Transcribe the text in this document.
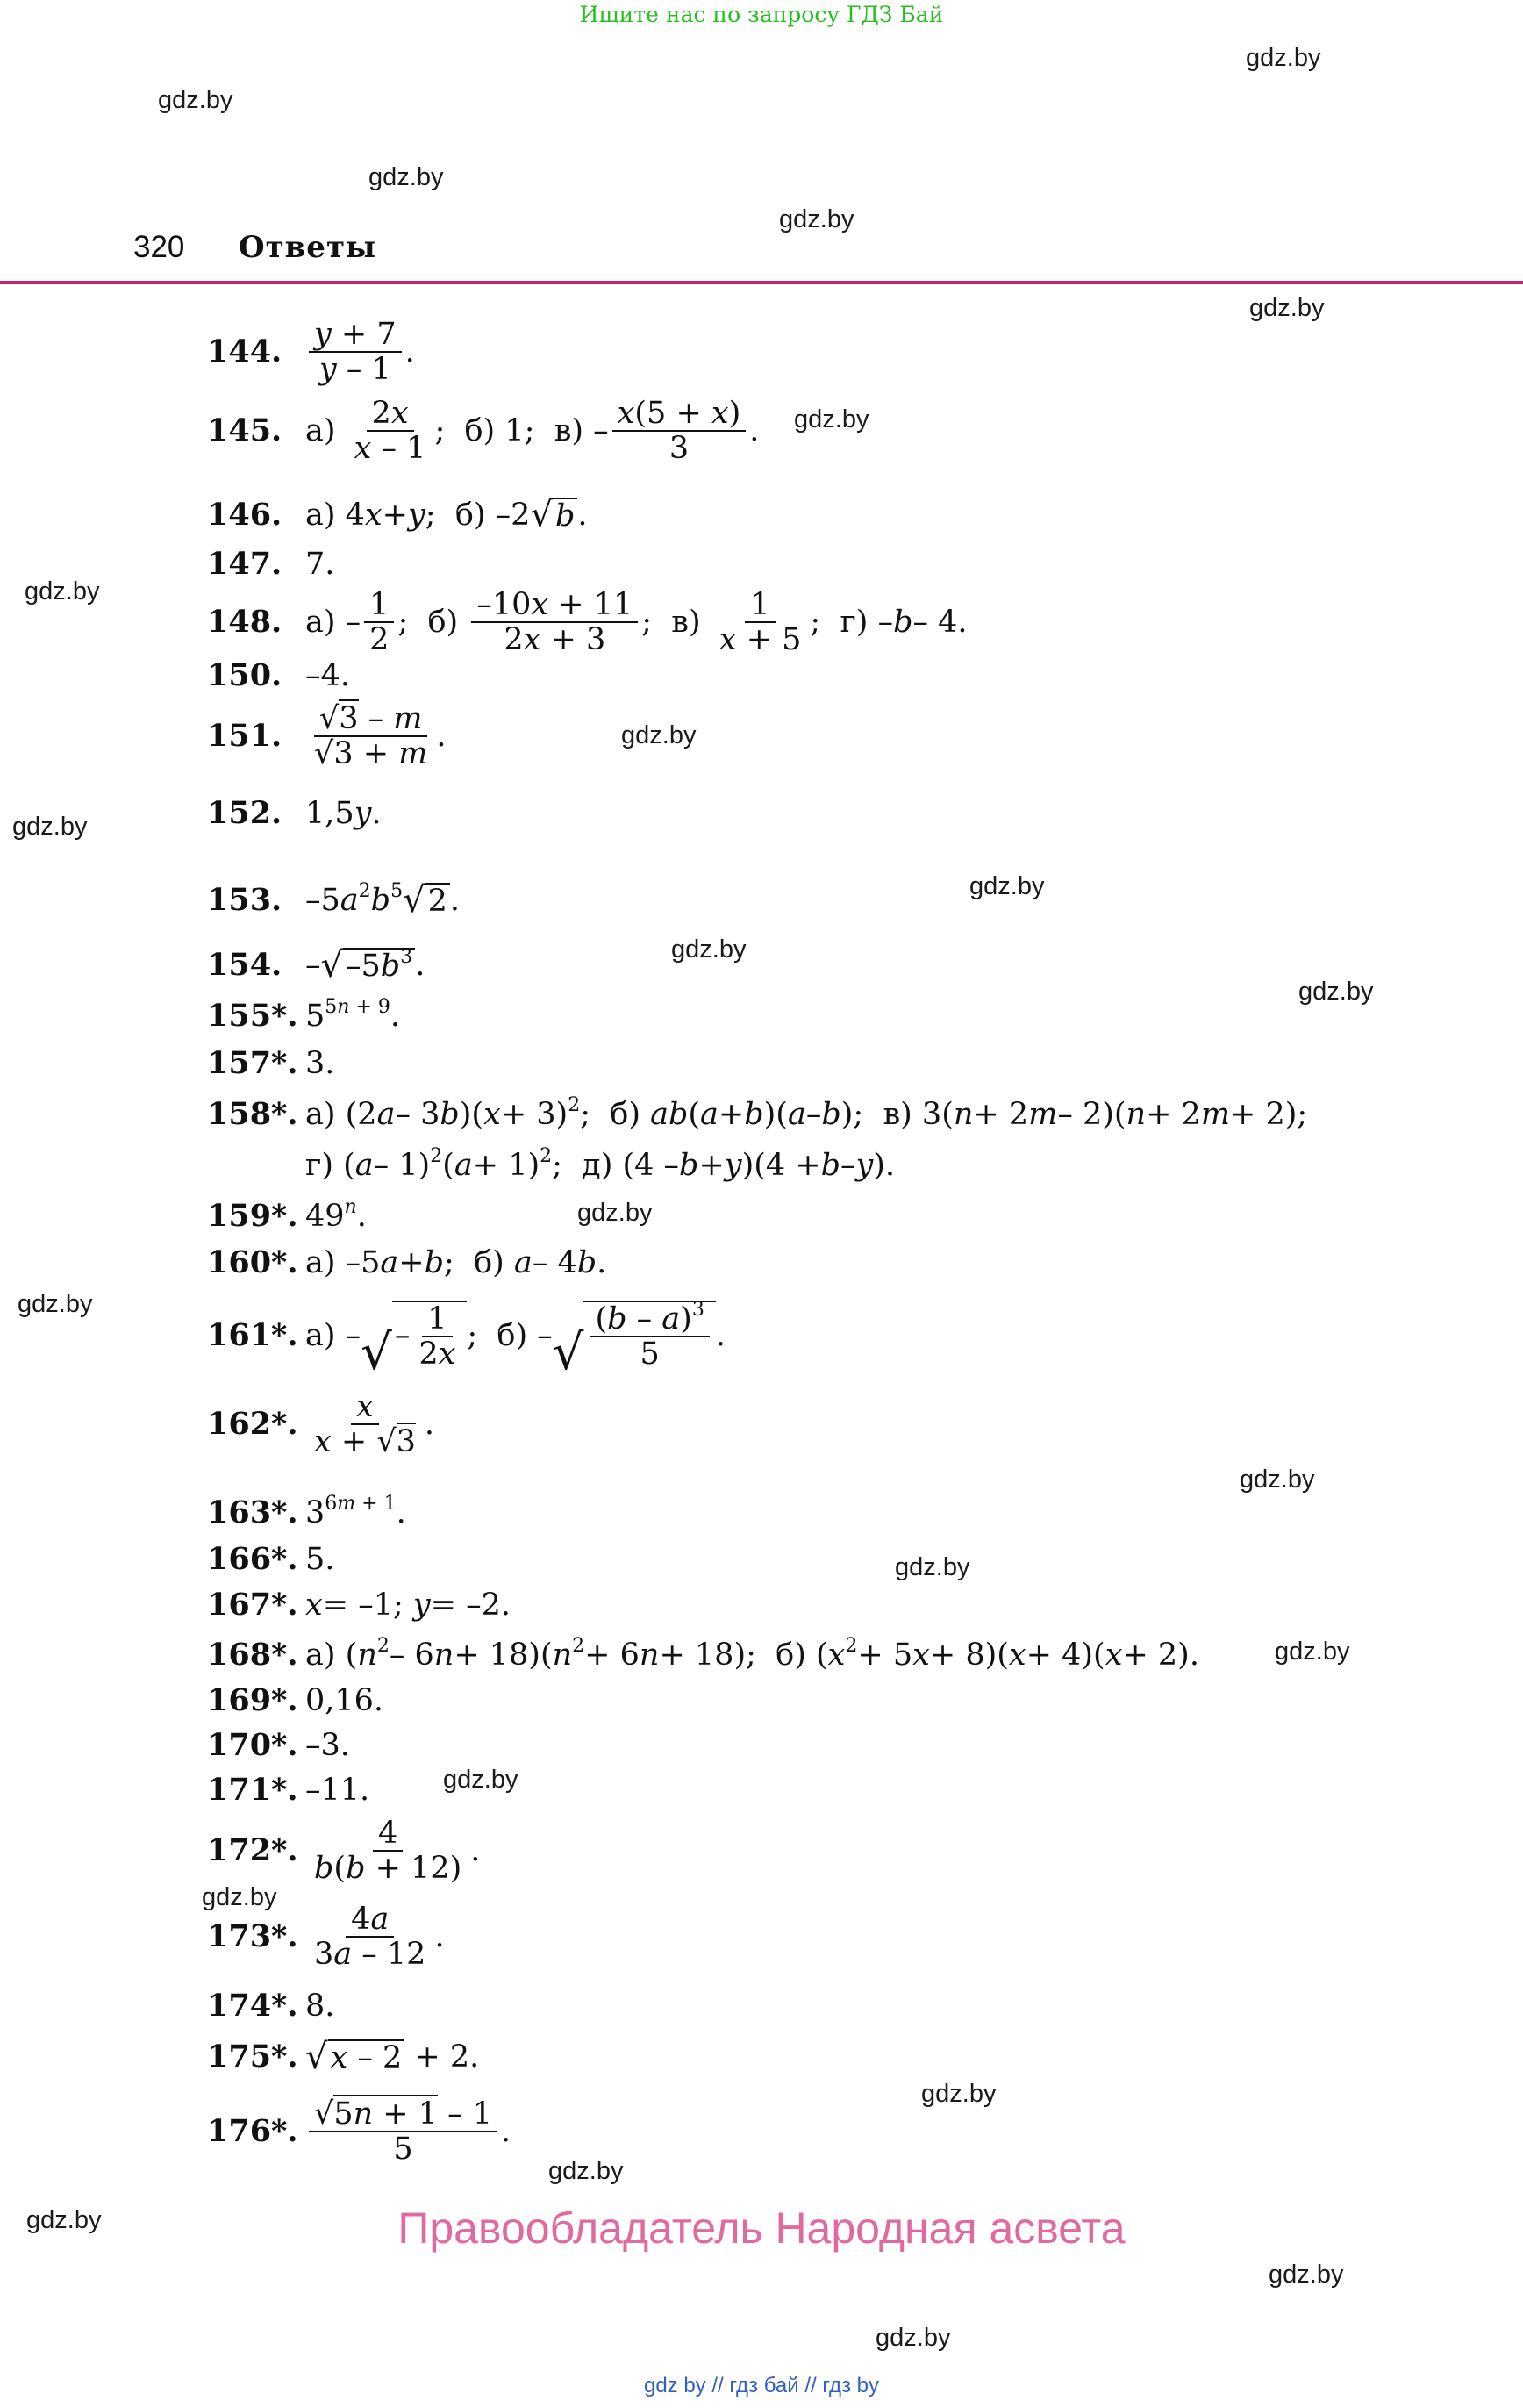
Ищите нас по запросу ГДЗ Бай
gdz.by
gdz.by
gdz.by
gdz.by
gdz.by
gdz.by
gdz.by
gdz.by
gdz.by
gdz.by
gdz.by
gdz.by
gdz.by
gdz.by
gdz.by
gdz.by
gdz.by
gdz.by
gdz.by
gdz.by
gdz.by
gdz.by
gdz.by
gdz.by
320 Ответы
144. $\frac{y + 7}{y - 1}$ .
145. $а) \frac{2x}{x - 1}$ ;  б) 1;  $в) - \frac{x(5 + x)}{3}$ .
146. а) 4 x + y ;  б) –2 √ b .
147. 7.
148. $а) - \frac{1}{2}$ ;  $б) \frac{-10x + 11}{2x + 3}$ ;  $в) \frac{1}{x + 5}$ ;  г) – b – 4.
150. –4.
151. $\frac{√3 - m}{√3 + m}$ .
152. 1,5 y .
153. –5 $a^2$ $b^5$ √ 2 .
154. – √ $-5b^3$ .
155*. $5^{5n + 9}$ .
157*. 3.
158*. а) (2 a – 3 b )( x + 3)$^2$ ;  б) ab ( a + b )( a – b );  в) 3( n + 2 m – 2)( n + 2 m + 2);
г) ( a – 1)$^2$ ( a + 1)$^2$ ;  д) (4 – b + y )(4 + b – y ).
159*. 49 $^n$ .
160*. а) –5 a + b ;  б) a – 4 b .
161*. а) – √ – $\frac{1}{2x}$ ;  б) – √ $\frac{(b - a)^3}{5}$ .
162*. $\frac{x}{x + √3}$ .
163*. $3^{6m + 1}$ .
166*. 5.
167*. x = –1; y = –2.
168*. а) ( $n^2 - 6$ n + 18)( $n^2 + 6$ n + 18);  б) ( $x^2 + 5$ x + 8)( x + 4)( x + 2).
169*. 0,16.
170*. –3.
171*. –11.
172*. $\frac{4}{b(b + 12)}$ .
173*. $\frac{4a}{3a - 12}$ .
174*. 8.
175*. √ x – 2 + 2.
176*. $\frac{√5n + 1 - 1}{5}$ .
Правообладатель Народная асвета
gdz by // гдз бай // гдз by
